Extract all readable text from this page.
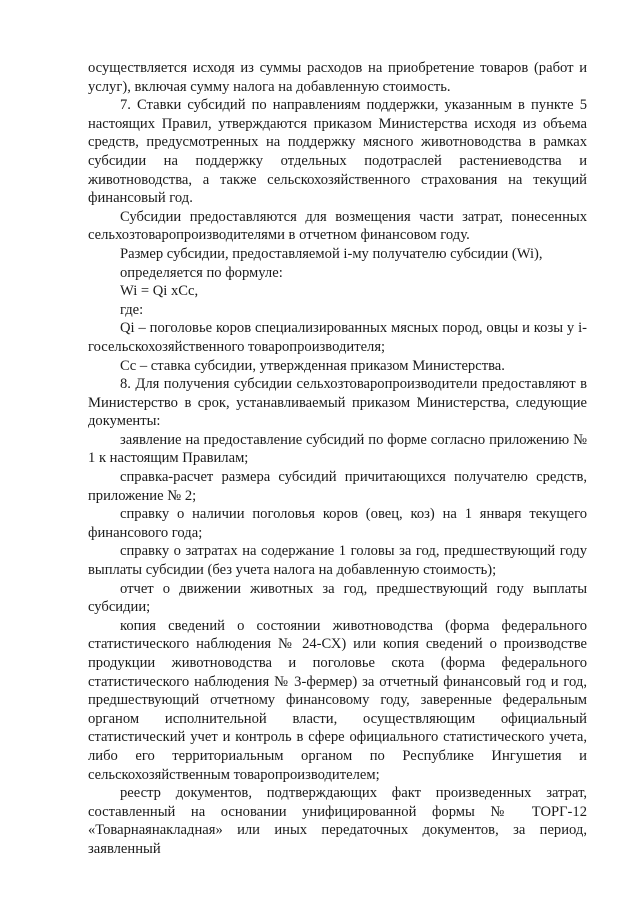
осуществляется исходя из суммы расходов на приобретение товаров (работ и услуг), включая сумму налога на добавленную стоимость.

7. Ставки субсидий по направлениям поддержки, указанным в пункте 5 настоящих Правил, утверждаются приказом Министерства исходя из объема средств, предусмотренных на поддержку мясного животноводства в рамках субсидии на поддержку отдельных подотраслей растениеводства и животноводства, а также сельскохозяйственного страхования на текущий финансовый год.

Субсидии предоставляются для возмещения части затрат, понесенных сельхозтоваропроизводителями в отчетном финансовом году.

Размер субсидии, предоставляемой i-му получателю субсидии (Wi), определяется по формуле:

Wi = Qi xCc,

где:

Qi – поголовье коров специализированных мясных пород, овцы и козы у i-госельскохозяйственного товаропроизводителя;

Cc – ставка субсидии, утвержденная приказом Министерства.

8. Для получения субсидии сельхозтоваропроизводители предоставляют в Министерство в срок, устанавливаемый приказом Министерства, следующие документы:

заявление на предоставление субсидий по форме согласно приложению № 1 к настоящим Правилам;

справка-расчет размера субсидий причитающихся получателю средств, приложение № 2;

справку о наличии поголовья коров (овец, коз) на 1 января текущего финансового года;

справку о затратах на содержание 1 головы за год, предшествующий году выплаты субсидии (без учета налога на добавленную стоимость);

отчет о движении животных за год, предшествующий году выплаты субсидии;

копия сведений о состоянии животноводства (форма федерального статистического наблюдения № 24-СХ) или копия сведений о производстве продукции животноводства и поголовье скота (форма федерального статистического наблюдения № 3-фермер) за отчетный финансовый год и год, предшествующий отчетному финансовому году, заверенные федеральным органом исполнительной власти, осуществляющим официальный статистический учет и контроль в сфере официального статистического учета, либо его территориальным органом по Республике Ингушетия и сельскохозяйственным товаропроизводителем;

реестр документов, подтверждающих факт произведенных затрат, составленный на основании унифицированной формы № ТОРГ-12 «Товарнаянакладная» или иных передаточных документов, за период, заявленный
